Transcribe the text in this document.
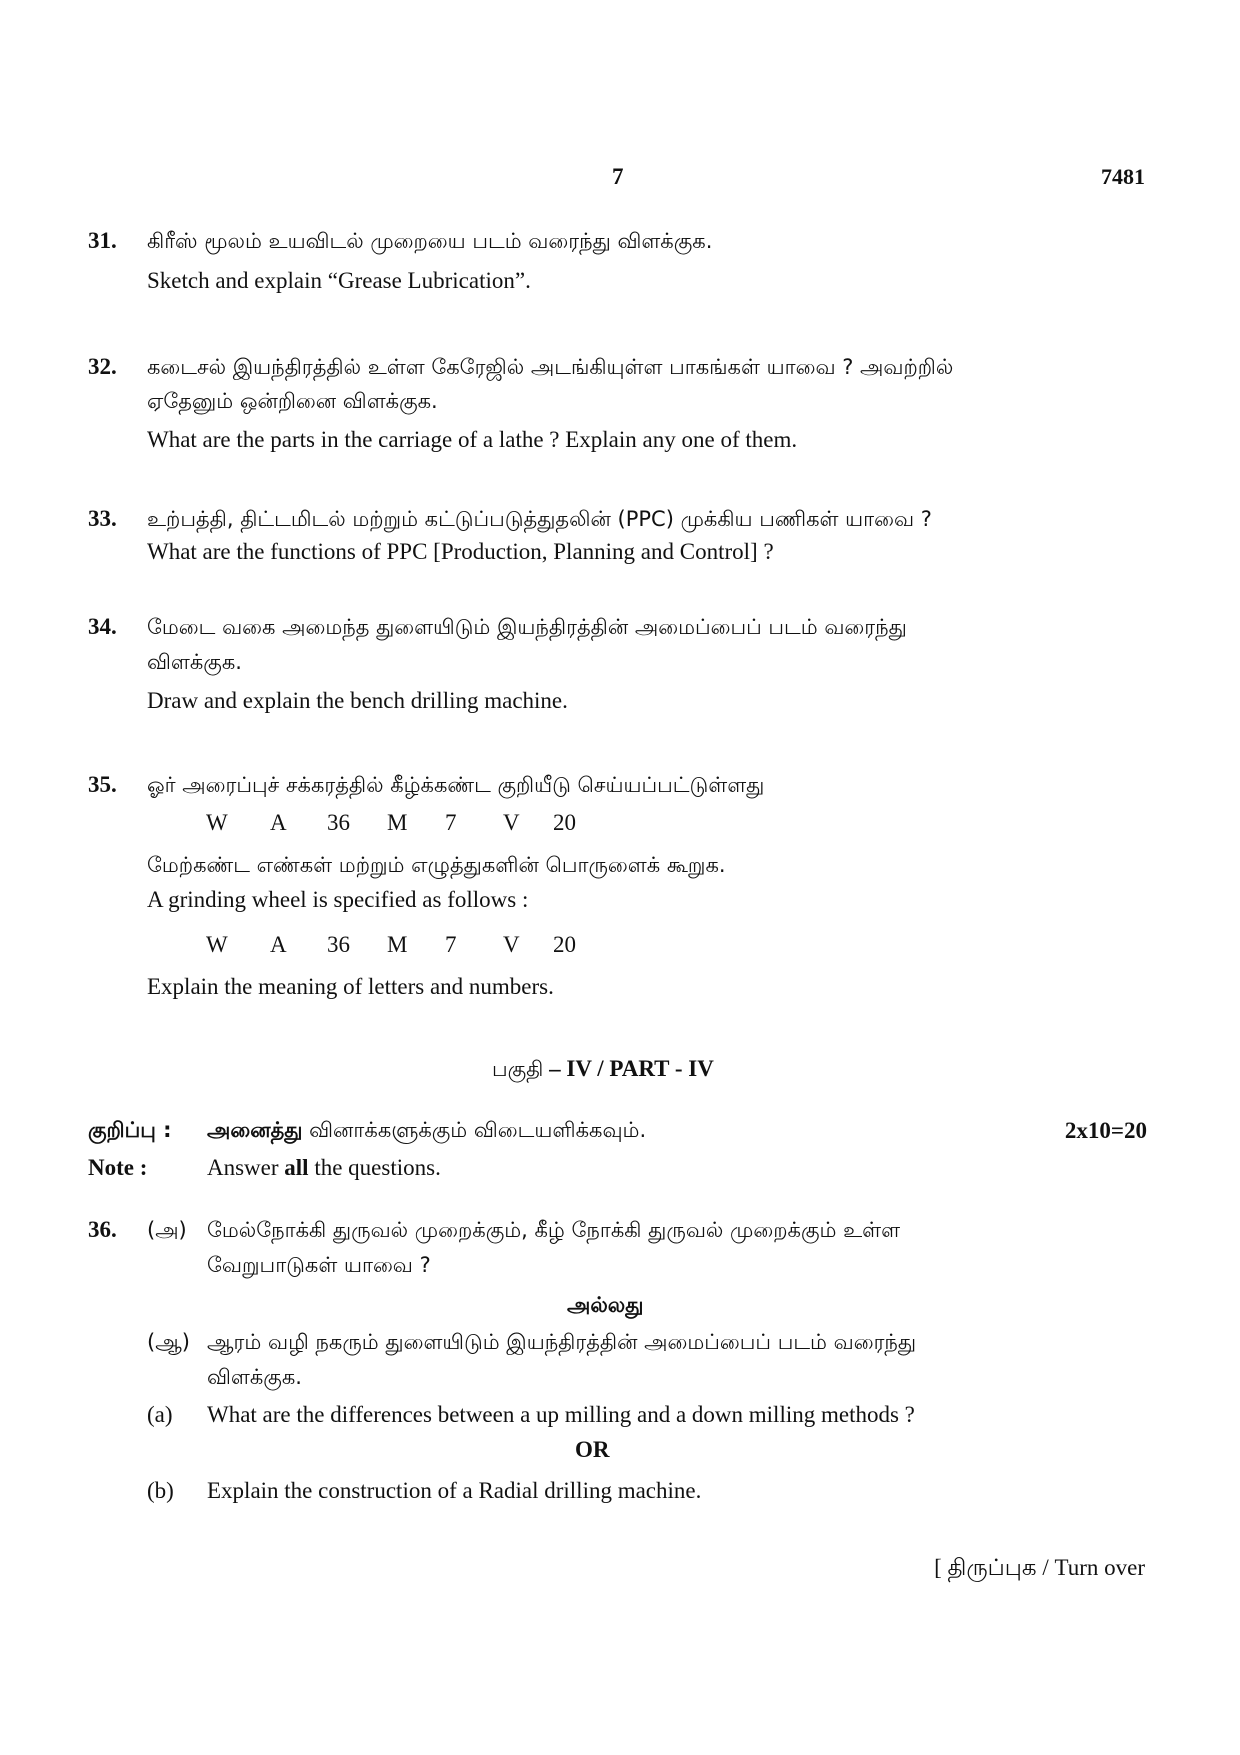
7	7481
31. கிரீஸ் மூலம் உயவிடல் முறையை படம் வரைந்து விளக்குக.
Sketch and explain “Grease Lubrication”.
32. கடைசல் இயந்திரத்தில் உள்ள கேரேஜில் அடங்கியுள்ள பாகங்கள் யாவை ? அவற்றில்
ஏதேனும் ஒன்றினை விளக்குக.
What are the parts in the carriage of a lathe ? Explain any one of them.
33. உற்பத்தி, திட்டமிடல் மற்றும் கட்டுப்படுத்துதலின் (PPC) முக்கிய பணிகள் யாவை ?
What are the functions of PPC [Production, Planning and Control] ?
34. மேடை வகை அமைந்த துளையிடும் இயந்திரத்தின் அமைப்பைப் படம் வரைந்து
விளக்குக.
Draw and explain the bench drilling machine.
35. ஓர் அரைப்புச் சக்கரத்தில் கீழ்க்கண்ட குறியீடு செய்யப்பட்டுள்ளது
W	A	36	M	7	V	20
மேற்கண்ட எண்கள் மற்றும் எழுத்துகளின் பொருளைக் கூறுக.
A grinding wheel is specified as follows :
W	A	36	M	7	V	20
Explain the meaning of letters and numbers.
பகுதி – IV / PART - IV
குறிப்பு : அனைத்து வினாக்களுக்கும் விடையளிக்கவும்.	2x10=20
Note :	Answer all the questions.
36. (அ) மேல்நோக்கி துருவல் முறைக்கும், கீழ் நோக்கி துருவல் முறைக்கும் உள்ள
வேறுபாடுகள் யாவை ?
அல்லது
(ஆ) ஆரம் வழி நகரும் துளையிடும் இயந்திரத்தின் அமைப்பைப் படம் வரைந்து
விளக்குக.
(a) What are the differences between a up milling and a down milling methods ?
OR
(b) Explain the construction of a Radial drilling machine.
[ திருப்புக / Turn over
